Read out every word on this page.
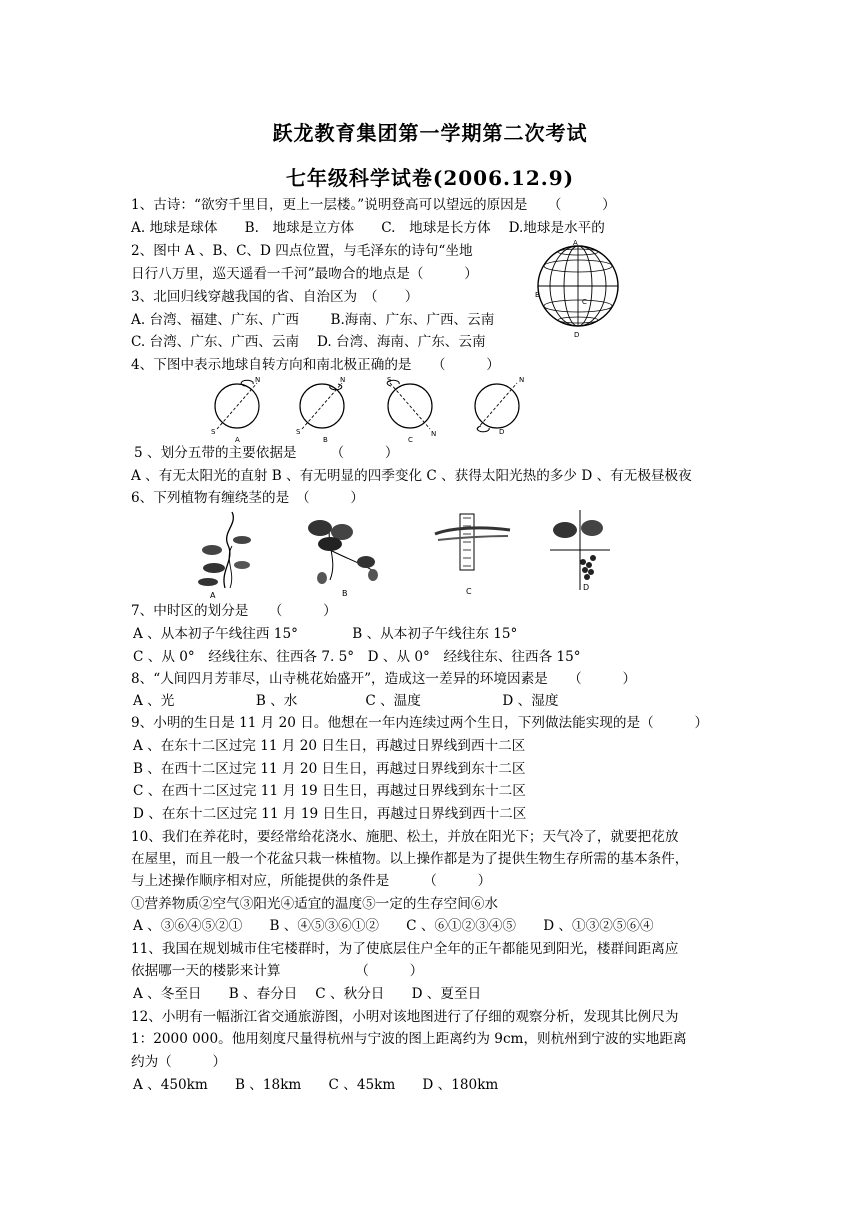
跃龙教育集团第一学期第二次考试
七年级科学试卷(2006.12.9)
1、古诗：“欲穷千里目，更上一层楼。”说明登高可以望远的原因是　　（　　　）
A. 地球是球体　　B.　地球是立方体　　C.　地球是长方体　 D.地球是水平的
2、图中 A 、B、C、D 四点位置，与毛泽东的诗句“坐地
日行八万里，巡天遥看一千河”最吻合的地点是（　　　）
3、北回归线穿越我国的省、自治区为　（　　）
A. 台湾、福建、广东、广西　　 B.海南、广东、广西、云南
C. 台湾、广东、广西、云南　 D. 台湾、海南、广东、云南
4、下图中表示地球自转方向和南北极正确的是　　（　　　）
A
B
C
D
N
S
A
N
S
B
S
N
C
N
D
5 、划分五带的主要依据是　　　（　　　）
A 、有无太阳光的直射 B 、有无明显的四季变化 C 、获得太阳光热的多少 D 、有无极昼极夜
6、下列植物有缠绕茎的是　（　　　）
A	B	C	D
7、中时区的划分是　　（　　　）
A 、从本初子午线往西 15°　　　　B 、从本初子午线往东 15°
C 、从 0°　经线往东、往西各 7. 5°　D 、从 0°　经线往东、往西各 15°
8、“人间四月芳菲尽，山寺桃花始盛开”，造成这一差异的环境因素是　　（　　　）
A 、光　　　　　　B 、水　　　　　C 、温度　　　　　　D 、湿度
9、小明的生日是 11 月 20 日。他想在一年内连续过两个生日，下列做法能实现的是（　　　）
A 、在东十二区过完 11 月 20 日生日，再越过日界线到西十二区
B 、在西十二区过完 11 月 20 日生日，再越过日界线到东十二区
C 、在西十二区过完 11 月 19 日生日，再越过日界线到东十二区
D 、在东十二区过完 11 月 19 日生日，再越过日界线到西十二区
10、我们在养花时，要经常给花浇水、施肥、松土，并放在阳光下；天气冷了，就要把花放
在屋里，而且一般一个花盆只栽一株植物。以上操作都是为了提供生物生存所需的基本条件，
与上述操作顺序相对应，所能提供的条件是　　　（　　　）
①营养物质②空气③阳光④适宜的温度⑤一定的生存空间⑥水
A 、③⑥④⑤②①　　B 、④⑤③⑥①②　　C 、⑥①②③④⑤　　D 、①③②⑤⑥④
11、我国在规划城市住宅楼群时，为了使底层住户全年的正午都能见到阳光，楼群间距离应
依据哪一天的楼影来计算　　　　　　（　　　）
A 、冬至日　　B 、春分日　 C 、秋分日　　D 、夏至日
12、小明有一幅浙江省交通旅游图，小明对该地图进行了仔细的观察分析，发现其比例尺为
1：2000 000。他用刻度尺量得杭州与宁波的图上距离约为 9cm，则杭州到宁波的实地距离
约为（　　　）
A 、450km　　B 、18km　　C 、45km　　D 、180km
